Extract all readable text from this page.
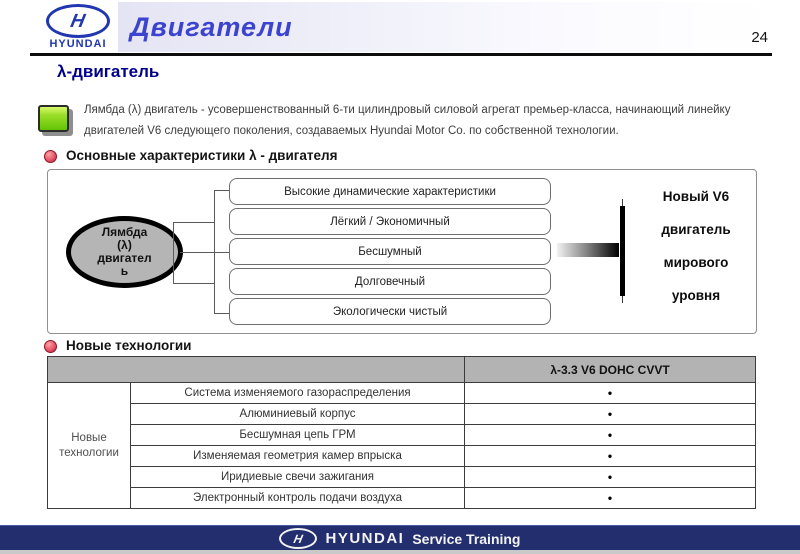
H
HYUNDAI
Двигатели	24
λ-двигатель
Лямбда (λ) двигатель - усовершенствованный 6-ти цилиндровый силовой агрегат премьер-класса, начинающий линейку двигателей V6 следующего поколения, создаваемых Hyundai Motor Co. по собственной технологии.
Основные характеристики λ - двигателя
Лямбда
(λ)
двигател
ь
Высокие динамические характеристики
Лёгкий / Экономичный
Бесшумный
Долговечный
Экологически чистый
Новый V6
двигатель
мирового
уровня
Новые технологии
		λ-3.3 V6 DOHC CVVT
Новые технологии	Система изменяемого газораспределения	•
	Алюминиевый корпус	•
	Бесшумная цепь ГРМ	•
	Изменяемая геометрия камер впрыска	•
	Иридиевые свечи зажигания	•
	Электронный контроль подачи воздуха	•
H HYUNDAI Service Training
